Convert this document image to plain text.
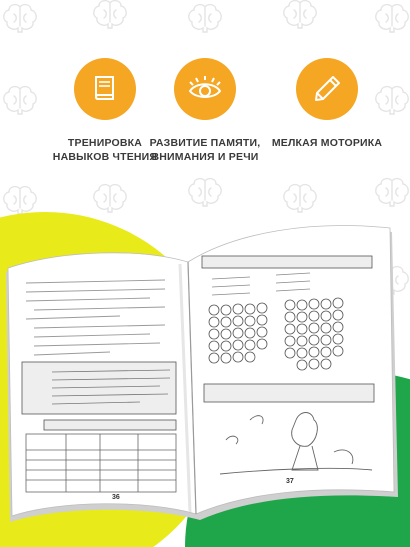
ТРЕНИРОВКА
НАВЫКОВ ЧТЕНИЯ
РАЗВИТИЕ ПАМЯТИ,
ВНИМАНИЯ И РЕЧИ
МЕЛКАЯ МОТОРИКА
36
37
